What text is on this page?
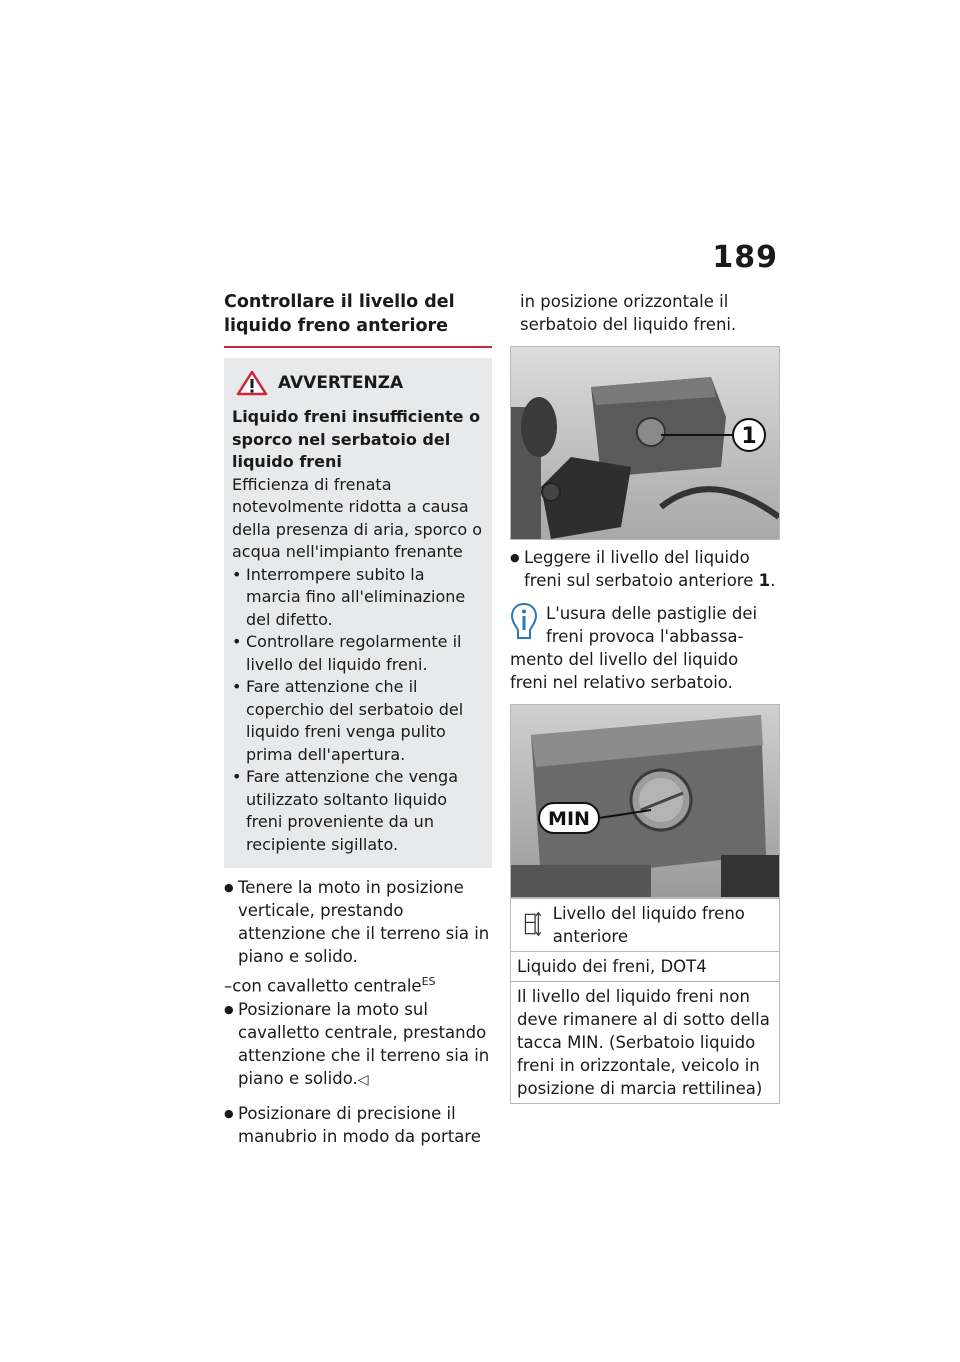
189
Controllare il livello del liquido freno anteriore
AVVERTENZA
Liquido freni insufficiente o sporco nel serbatoio del liquido freni
Efficienza di frenata notevolmente ridotta a causa della presenza di aria, sporco o acqua nell'impianto frenante
• Interrompere subito la marcia fino all'eliminazione del difetto.
• Controllare regolarmente il livello del liquido freni.
• Fare attenzione che il coperchio del serbatoio del liquido freni venga pulito prima dell'apertura.
• Fare attenzione che venga utilizzato soltanto liquido freni proveniente da un recipiente sigillato.
● Tenere la moto in posizione verticale, prestando attenzione che il terreno sia in piano e solido.
–con cavalletto centrale$^{ES}$
● Posizionare la moto sul cavalletto centrale, prestando attenzione che il terreno sia in piano e solido.◁
● Posizionare di precisione il manubrio in modo da portare
in posizione orizzontale il serbatoio del liquido freni.
1
● Leggere il livello del liquido freni sul serbatoio anteriore 1.
L'usura delle pastiglie dei freni provoca l'abbassa-
mento del livello del liquido freni nel relativo serbatoio.
MIN
Livello del liquido freno anteriore

Liquido dei freni, DOT4
Il livello del liquido freni non deve rimanere al di sotto della tacca MIN. (Serbatoio liquido freni in orizzontale, veicolo in posizione di marcia rettilinea)
